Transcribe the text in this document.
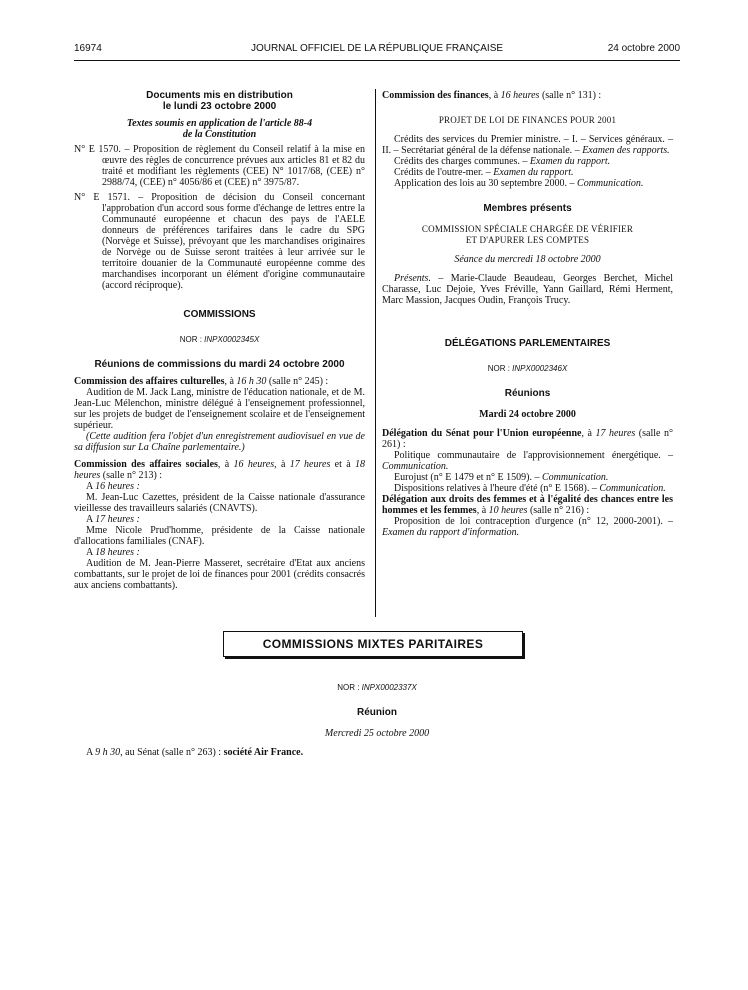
16974	JOURNAL OFFICIEL DE LA RÉPUBLIQUE FRANÇAISE	24 octobre 2000

Documents mis en distribution

le lundi 23 octobre 2000

Textes soumis en application de l'article 88-4

de la Constitution

N° E 1570. – Proposition de règlement du Conseil relatif à la mise en œuvre des règles de concurrence prévues aux articles 81 et 82 du traité et modifiant les règlements (CEE) N° 1017/68, (CEE) n° 2988/74, (CEE) n° 4056/86 et (CEE) n° 3975/87.

N° E 1571. – Proposition de décision du Conseil concernant l'approbation d'un accord sous forme d'échange de lettres entre la Communauté européenne et chacun des pays de l'AELE donneurs de préférences tarifaires dans le cadre du SPG (Norvège et Suisse), prévoyant que les marchandises originaires de Norvège ou de Suisse seront traitées à leur arrivée sur le territoire douanier de la Communauté européenne comme des marchandises incorporant un élément d'origine communautaire (accord réciproque).

COMMISSIONS

NOR : INPX0002345X

Réunions de commissions du mardi 24 octobre 2000

Commission des affaires culturelles, à 16 h 30 (salle n° 245) :

Audition de M. Jack Lang, ministre de l'éducation nationale, et de M. Jean-Luc Mélenchon, ministre délégué à l'enseignement professionnel, sur les projets de budget de l'enseignement scolaire et de l'enseignement supérieur.

(Cette audition fera l'objet d'un enregistrement audiovisuel en vue de sa diffusion sur La Chaîne parlementaire.)

Commission des affaires sociales, à 16 heures, à 17 heures et à 18 heures (salle n° 213) :

A 16 heures :

M. Jean-Luc Cazettes, président de la Caisse nationale d'assurance vieillesse des travailleurs salariés (CNAVTS).

A 17 heures :

Mme Nicole Prud'homme, présidente de la Caisse nationale d'allocations familiales (CNAF).

A 18 heures :

Audition de M. Jean-Pierre Masseret, secrétaire d'Etat aux anciens combattants, sur le projet de loi de finances pour 2001 (crédits consacrés aux anciens combattants).

Commission des finances, à 16 heures (salle n° 131) :

PROJET DE LOI DE FINANCES POUR 2001

Crédits des services du Premier ministre. – I. – Services généraux. – II. – Secrétariat général de la défense nationale. – Examen des rapports.

Crédits des charges communes. – Examen du rapport.

Crédits de l'outre-mer. – Examen du rapport.

Application des lois au 30 septembre 2000. – Communication.

Membres présents

COMMISSION SPÉCIALE CHARGÉE DE VÉRIFIER

ET D'APURER LES COMPTES

Séance du mercredi 18 octobre 2000

Présents. – Marie-Claude Beaudeau, Georges Berchet, Michel Charasse, Luc Dejoie, Yves Fréville, Yann Gaillard, Rémi Herment, Marc Massion, Jacques Oudin, François Trucy.

DÉLÉGATIONS PARLEMENTAIRES

NOR : INPX0002346X

Réunions

Mardi 24 octobre 2000

Délégation du Sénat pour l'Union européenne, à 17 heures (salle n° 261) :

Politique communautaire de l'approvisionnement énergétique. – Communication.

Eurojust (n° E 1479 et n° E 1509). – Communication.

Dispositions relatives à l'heure d'été (n° E 1568). – Communication.

Délégation aux droits des femmes et à l'égalité des chances entre les hommes et les femmes, à 10 heures (salle n° 216) :

Proposition de loi contraception d'urgence (n° 12, 2000-2001). – Examen du rapport d'information.

COMMISSIONS MIXTES PARITAIRES

NOR : INPX0002337X

Réunion

Mercredi 25 octobre 2000

A 9 h 30, au Sénat (salle n° 263) : société Air France.
